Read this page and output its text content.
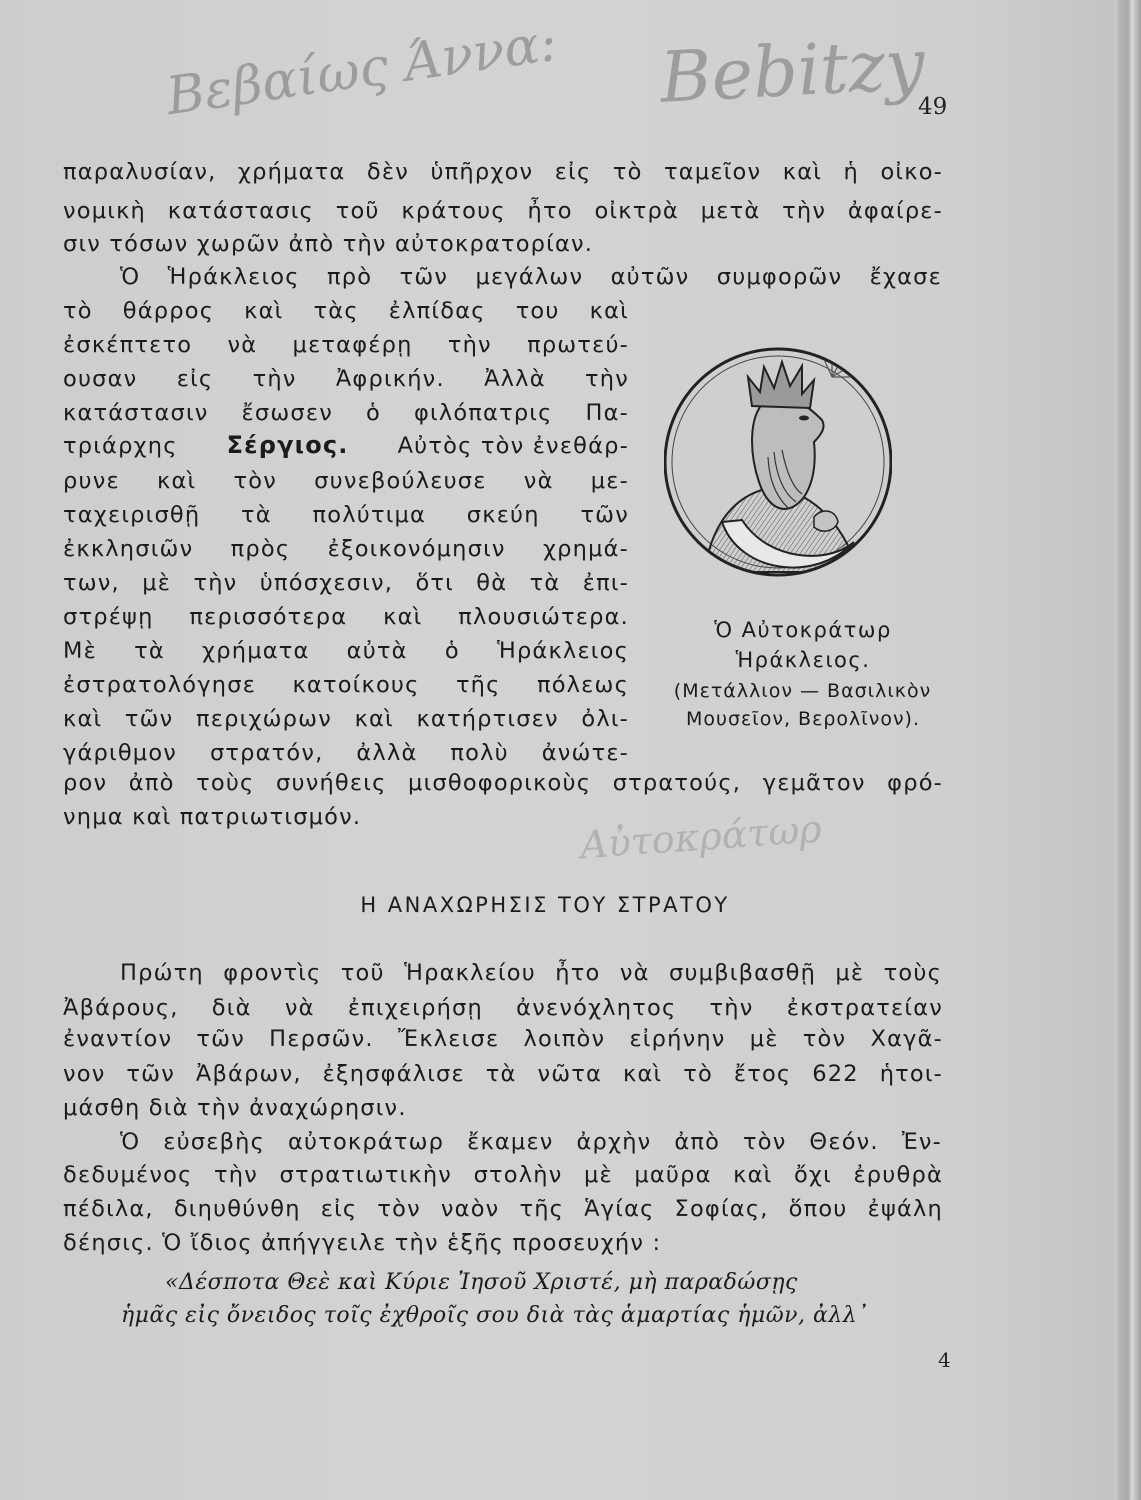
Βεβαίως Άννα: Βebitzy
Αὐτοκράτωρ
49
παραλυσίαν, χρήματα δὲν ὑπῆρχον εἰς τὸ ταμεῖον καὶ ἡ οἰκο-
νομικὴ κατάστασις τοῦ κράτους ἦτο οἰκτρὰ μετὰ τὴν ἀφαίρε-
σιν τόσων χωρῶν ἀπὸ τὴν αὐτοκρατορίαν.
Ὁ Ἡράκλειος πρὸ τῶν μεγάλων αὐτῶν συμφορῶν ἔχασε
τὸ θάρρος καὶ τὰς ἐλπίδας του καὶ
ἐσκέπτετο νὰ μεταφέρῃ τὴν πρωτεύ-
ουσαν εἰς τὴν Ἀφρικήν. Ἀλλὰ τὴν
κατάστασιν ἔσωσεν ὁ φιλόπατρις Πα-
τριάρχης Σέργιος. Αὐτὸς τὸν ἐνεθάρ-
ρυνε καὶ τὸν συνεβούλευσε νὰ με-
ταχειρισθῇ τὰ πολύτιμα σκεύη τῶν
ἐκκλησιῶν πρὸς ἐξοικονόμησιν χρημά-
των, μὲ τὴν ὑπόσχεσιν, ὅτι θὰ τὰ ἐπι-
στρέψῃ περισσότερα καὶ πλουσιώτερα.
Μὲ τὰ χρήματα αὐτὰ ὁ Ἡράκλειος
ἐστρατολόγησε κατοίκους τῆς πόλεως
καὶ τῶν περιχώρων καὶ κατήρτισεν ὀλι-
γάριθμον στρατόν, ἀλλὰ πολὺ ἀνώτε-
ρον ἀπὸ τοὺς συνήθεις μισθοφορικοὺς στρατούς, γεμᾶτον φρό-
νημα καὶ πατριωτισμόν.
Ὁ Αὐτοκράτωρ
Ἡράκλειος.
(Μετάλλιον — Βασιλικὸν
Μουσεῖον, Βερολῖνον).
Η ΑΝΑΧΩΡΗΣΙΣ ΤΟΥ ΣΤΡΑΤΟΥ
Πρώτη φροντὶς τοῦ Ἡρακλείου ἦτο νὰ συμβιβασθῇ μὲ τοὺς
Ἀβάρους, διὰ νὰ ἐπιχειρήσῃ ἀνενόχλητος τὴν ἐκστρατείαν
ἐναντίον τῶν Περσῶν. Ἔκλεισε λοιπὸν εἰρήνην μὲ τὸν Χαγᾶ-
νον τῶν Ἀβάρων, ἐξησφάλισε τὰ νῶτα καὶ τὸ ἔτος 622 ἡτοι-
μάσθη διὰ τὴν ἀναχώρησιν.
Ὁ εὐσεβὴς αὐτοκράτωρ ἔκαμεν ἀρχὴν ἀπὸ τὸν Θεόν. Ἐν-
δεδυμένος τὴν στρατιωτικὴν στολὴν μὲ μαῦρα καὶ ὄχι ἐρυθρὰ
πέδιλα, διηυθύνθη εἰς τὸν ναὸν τῆς Ἁγίας Σοφίας, ὅπου ἐψάλη
δέησις. Ὁ ἴδιος ἀπήγγειλε τὴν ἑξῆς προσευχήν :
«Δέσποτα Θεὲ καὶ Κύριε Ἰησοῦ Χριστέ, μὴ παραδώσῃς
ἡμᾶς εἰς ὄνειδος τοῖς ἐχθροῖς σου διὰ τὰς ἁμαρτίας ἡμῶν, ἀλλ᾽
4
